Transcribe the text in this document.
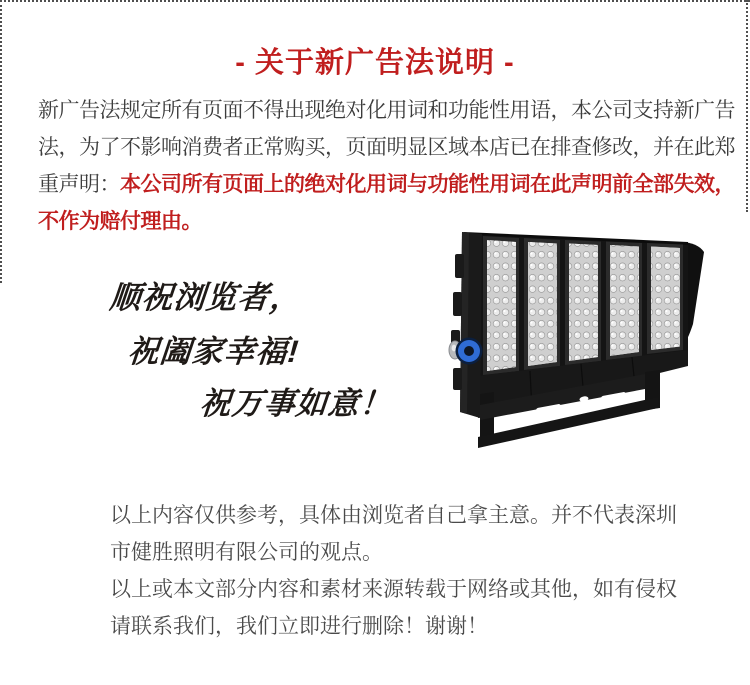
- 关于新广告法说明 -
新广告法规定所有页面不得出现绝对化用词和功能性用语，本公司支持新广告
法，为了不影响消费者正常购买，页面明显区域本店已在排查修改，并在此郑
重声明：本公司所有页面上的绝对化用词与功能性用词在此声明前全部失效，
不作为赔付理由。
顺祝浏览者，
祝阖家幸福!
祝万事如意！
以上内容仅供参考，具体由浏览者自己拿主意。并不代表深圳
市健胜照明有限公司的观点。
以上或本文部分内容和素材来源转载于网络或其他，如有侵权
请联系我们，我们立即进行删除！谢谢！
